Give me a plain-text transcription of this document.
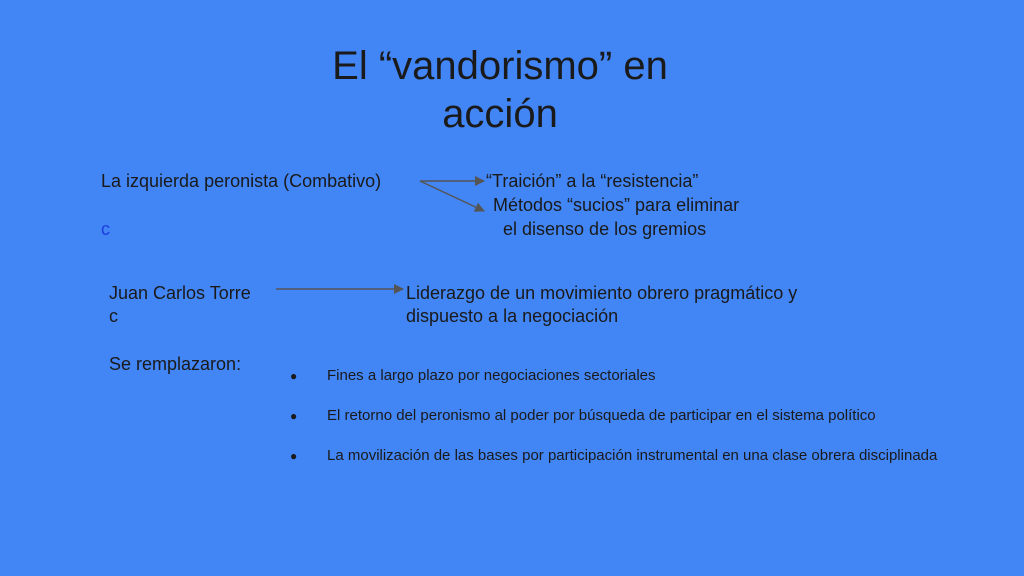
El “vandorismo” en
acción
La izquierda peronista (Combativo)
c
“Traición” a la “resistencia”
Métodos “sucios” para eliminar
el disenso de los gremios
Juan Carlos Torre
c
Liderazgo de un movimiento obrero pragmático y
dispuesto a la negociación
Se remplazaron:
● Fines a largo plazo por negociaciones sectoriales
● El retorno del peronismo al poder por búsqueda de participar en el sistema político
● La movilización de las bases por participación instrumental en una clase obrera disciplinada
